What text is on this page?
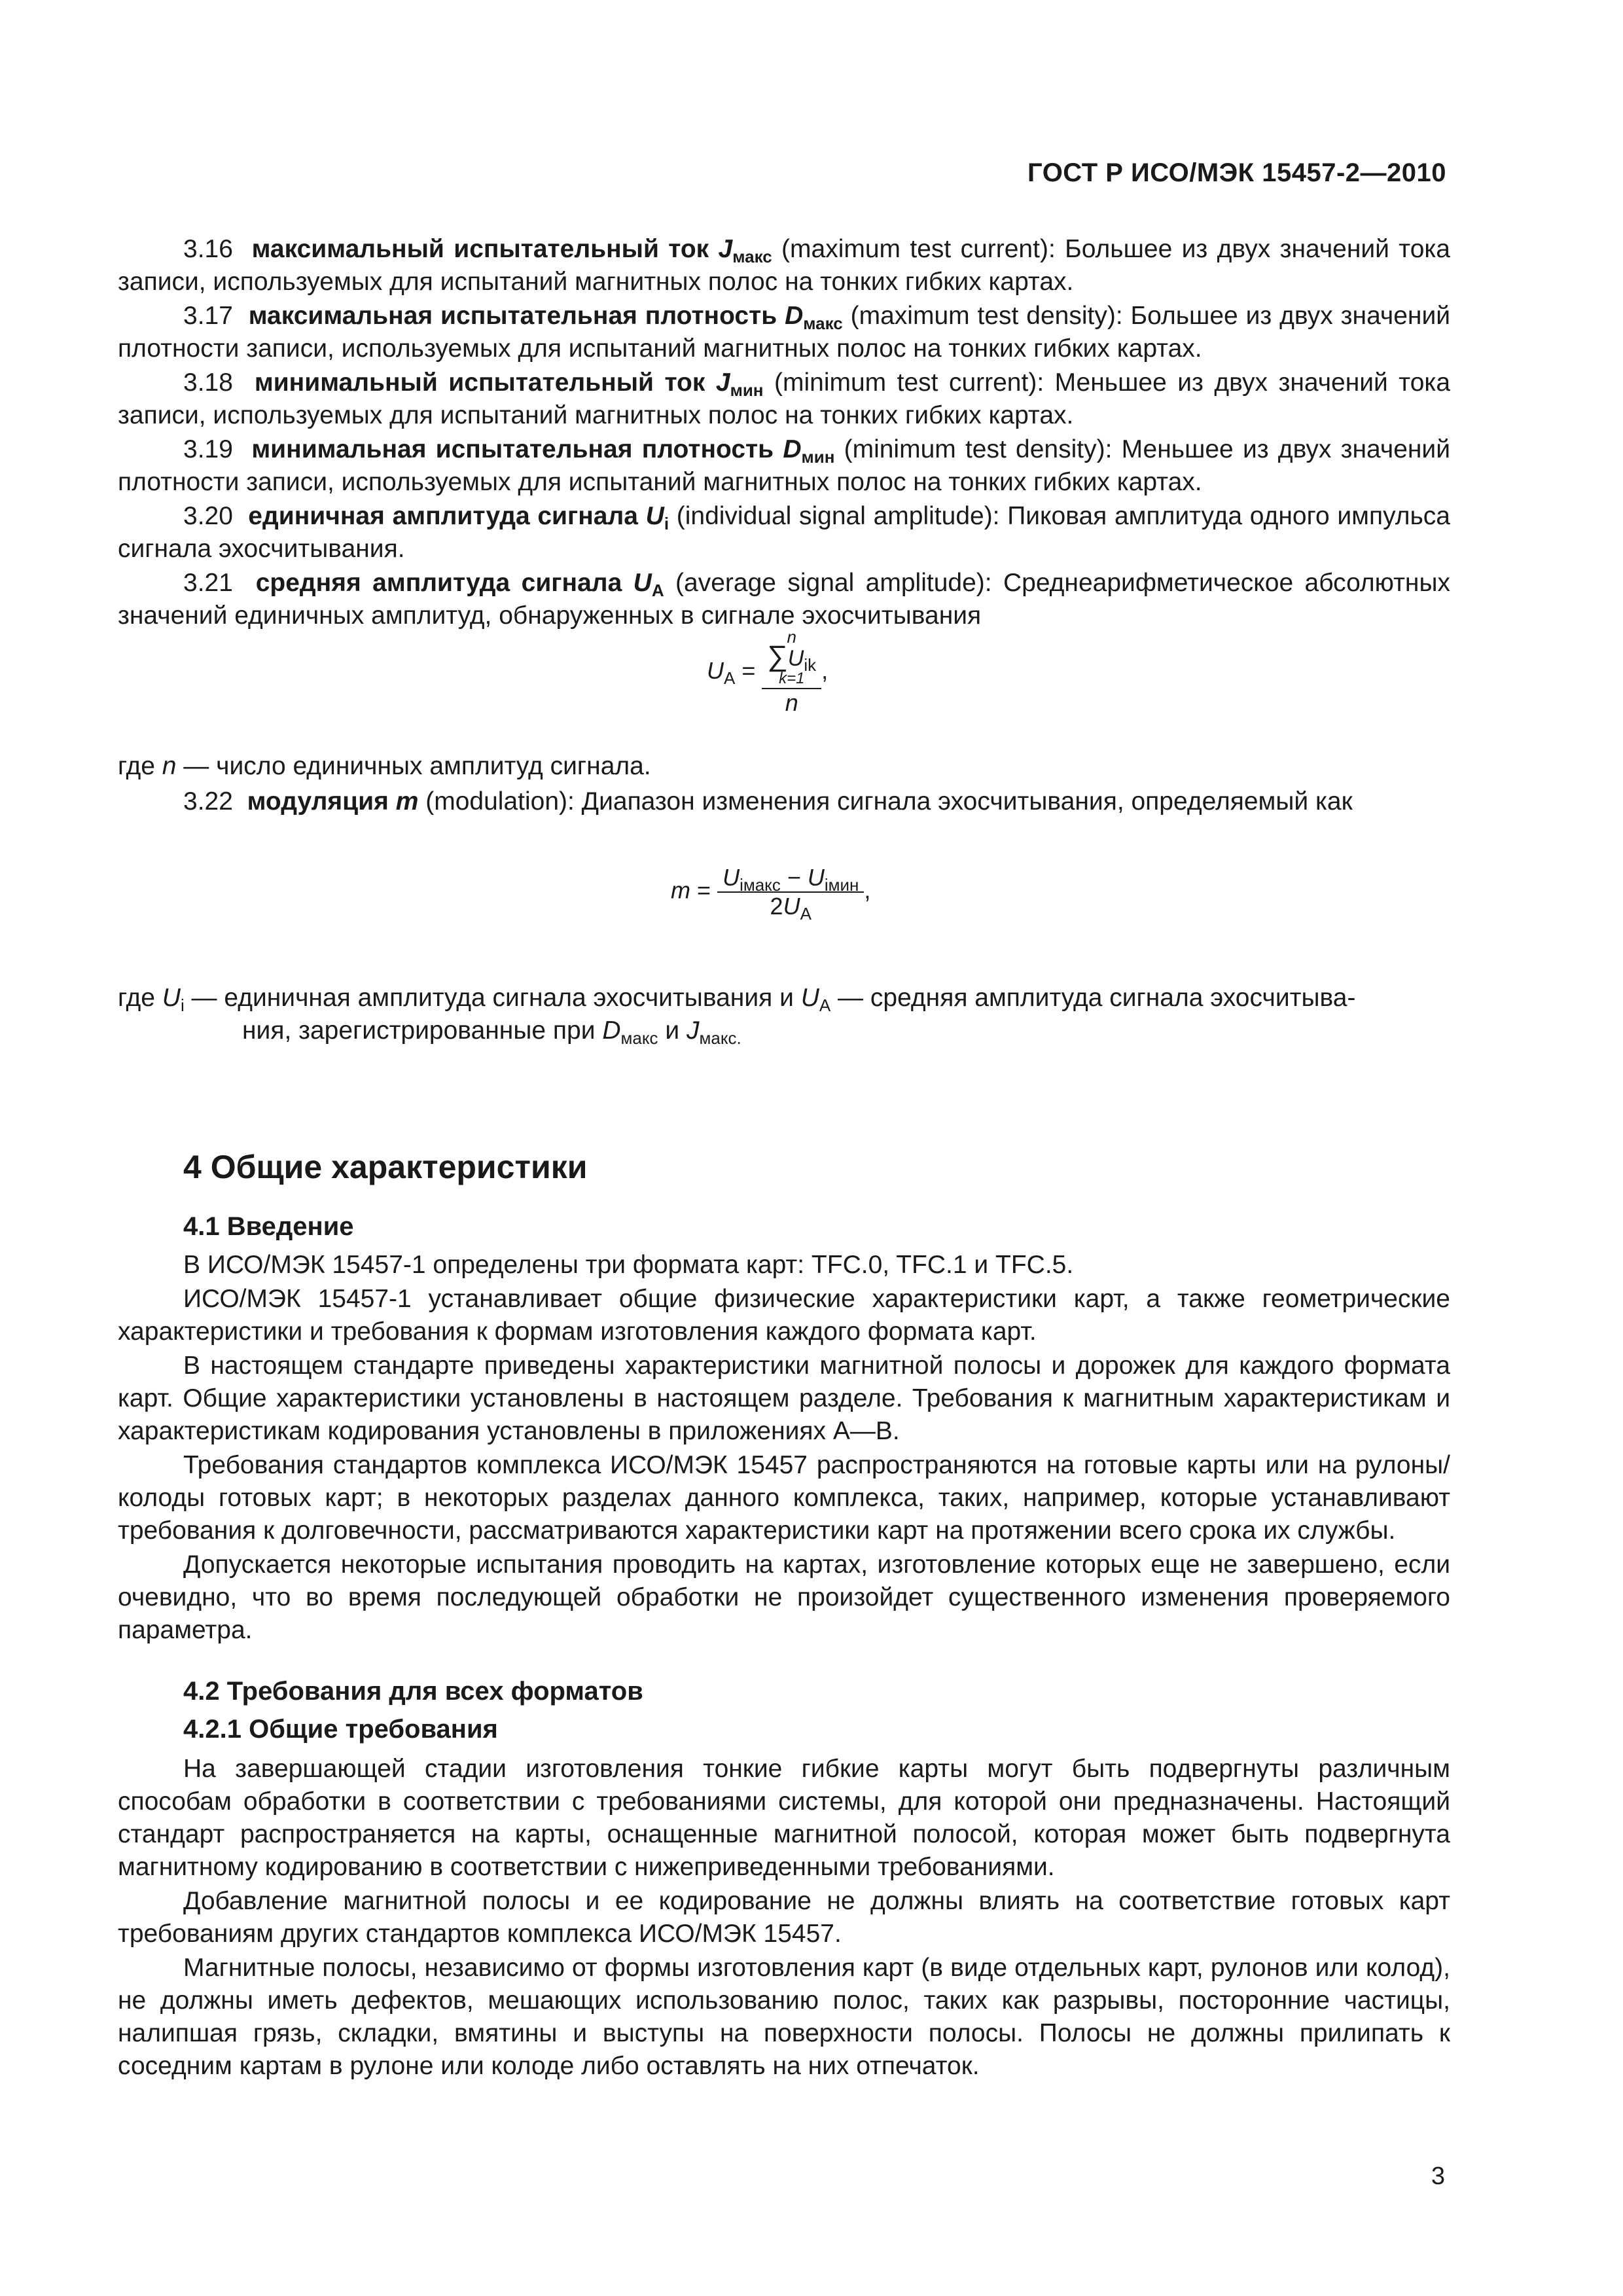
ГОСТ Р ИСО/МЭК 15457-2—2010

3.16 максимальный испытательный ток $J_{макс}$ (maximum test current): Большее из двух значений тока записи, используемых для испытаний магнитных полос на тонких гибких картах.

3.17 максимальная испытательная плотность $D_{макс}$ (maximum test density): Большее из двух значений плотности записи, используемых для испытаний магнитных полос на тонких гибких картах.

3.18 минимальный испытательный ток $J_{мин}$ (minimum test current): Меньшее из двух значений тока записи, используемых для испытаний магнитных полос на тонких гибких картах.

3.19 минимальная испытательная плотность $D_{мин}$ (minimum test density): Меньшее из двух значений плотности записи, используемых для испытаний магнитных полос на тонких гибких картах.

3.20 единичная амплитуда сигнала $U_i$ (individual signal amplitude): Пиковая амплитуда одного импульса сигнала эхосчитывания.

3.21 средняя амплитуда сигнала $U_A$ (average signal amplitude): Среднеарифметическое абсолютных значений единичных амплитуд, обнаруженных в сигнале эхосчитывания

$U_A = n$
$\sum U_{ik}$
k=1
n ,

где n — число единичных амплитуд сигнала.

3.22 модуляция m (modulation): Диапазон изменения сигнала эхосчитывания, определяемый как

$m = \frac{U_{iмакс} - U_{iмин}}{2U_A}$ ,

где $U_i$ — единичная амплитуда сигнала эхосчитывания и $U_A$ — средняя амплитуда сигнала эхосчитыва-

ния, зарегистрированные при $D_{макс}$ и $J_{макс.}$

4 Общие характеристики
4.1 Введение

В ИСО/МЭК 15457-1 определены три формата карт: TFC.0, TFC.1 и TFC.5.

ИСО/МЭК 15457-1 устанавливает общие физические характеристики карт, а также геометрические характеристики и требования к формам изготовления каждого формата карт.

В настоящем стандарте приведены характеристики магнитной полосы и дорожек для каждого формата карт. Общие характеристики установлены в настоящем разделе. Требования к магнитным характеристикам и характеристикам кодирования установлены в приложениях А—В.

Требования стандартов комплекса ИСО/МЭК 15457 распространяются на готовые карты или на рулоны/колоды готовых карт; в некоторых разделах данного комплекса, таких, например, которые устанавливают требования к долговечности, рассматриваются характеристики карт на протяжении всего срока их службы.

Допускается некоторые испытания проводить на картах, изготовление которых еще не завершено, если очевидно, что во время последующей обработки не произойдет существенного изменения проверяемого параметра.

4.2 Требования для всех форматов
4.2.1 Общие требования

На завершающей стадии изготовления тонкие гибкие карты могут быть подвергнуты различным способам обработки в соответствии с требованиями системы, для которой они предназначены. Настоящий стандарт распространяется на карты, оснащенные магнитной полосой, которая может быть подвергнута магнитному кодированию в соответствии с нижеприведенными требованиями.

Добавление магнитной полосы и ее кодирование не должны влиять на соответствие готовых карт требованиям других стандартов комплекса ИСО/МЭК 15457.

Магнитные полосы, независимо от формы изготовления карт (в виде отдельных карт, рулонов или колод), не должны иметь дефектов, мешающих использованию полос, таких как разрывы, посторонние частицы, налипшая грязь, складки, вмятины и выступы на поверхности полосы. Полосы не должны прилипать к соседним картам в рулоне или колоде либо оставлять на них отпечаток.

3
